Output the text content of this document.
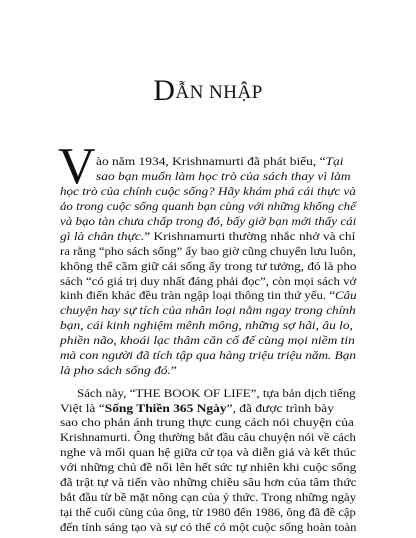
DẪN NHẬP
V ào năm 1934, Krishnamurti đã phát biểu, “Tại
sao bạn muốn làm học trò của sách thay vì làm
học trò của chính cuộc sống? Hãy khám phá cái thực và
ảo trong cuộc sống quanh bạn cùng với những khống chế
và bạo tàn chưa chấp trong đó, bấy giờ bạn mới thấy cái
gì là chân thực.” Krishnamurti thường nhắc nhở và chỉ
ra rằng “pho sách sống” ấy bao giờ cũng chuyển lưu luôn,
không thể cầm giữ cái sống ấy trong tư tưởng, đó là pho
sách “có giá trị duy nhất đáng phải đọc”, còn mọi sách vở
kinh điển khác đều tràn ngập loại thông tin thứ yếu. “Câu
chuyện hay sự tích của nhân loại nằm ngay trong chính
bạn, cái kinh nghiệm mênh mông, những sợ hãi, âu lo,
phiền não, khoái lạc thâm căn cố đế cùng mọi niềm tin
mà con người đã tích tập qua hàng triệu triệu năm. Bạn
là pho sách sống đó.”
Sách này, “THE BOOK OF LIFE”, tựa bản dịch tiếng
Việt là “Sống Thiền 365 Ngày”, đã được trình bày
sao cho phản ánh trung thực cung cách nói chuyện của
Krishnamurti. Ông thường bắt đầu câu chuyện nói về cách
nghe và mối quan hệ giữa cử tọa và diễn giả và kết thúc
với những chủ đề nổi lên hết sức tự nhiên khi cuộc sống
đã trật tự và tiến vào những chiều sâu hơn của tâm thức
bắt đầu từ bề mặt nông cạn của ý thức. Trong những ngày
tại thế cuối cùng của ông, từ 1980 đến 1986, ông đã đề cập
đến tính sáng tạo và sự có thể có một cuộc sống hoàn toàn
